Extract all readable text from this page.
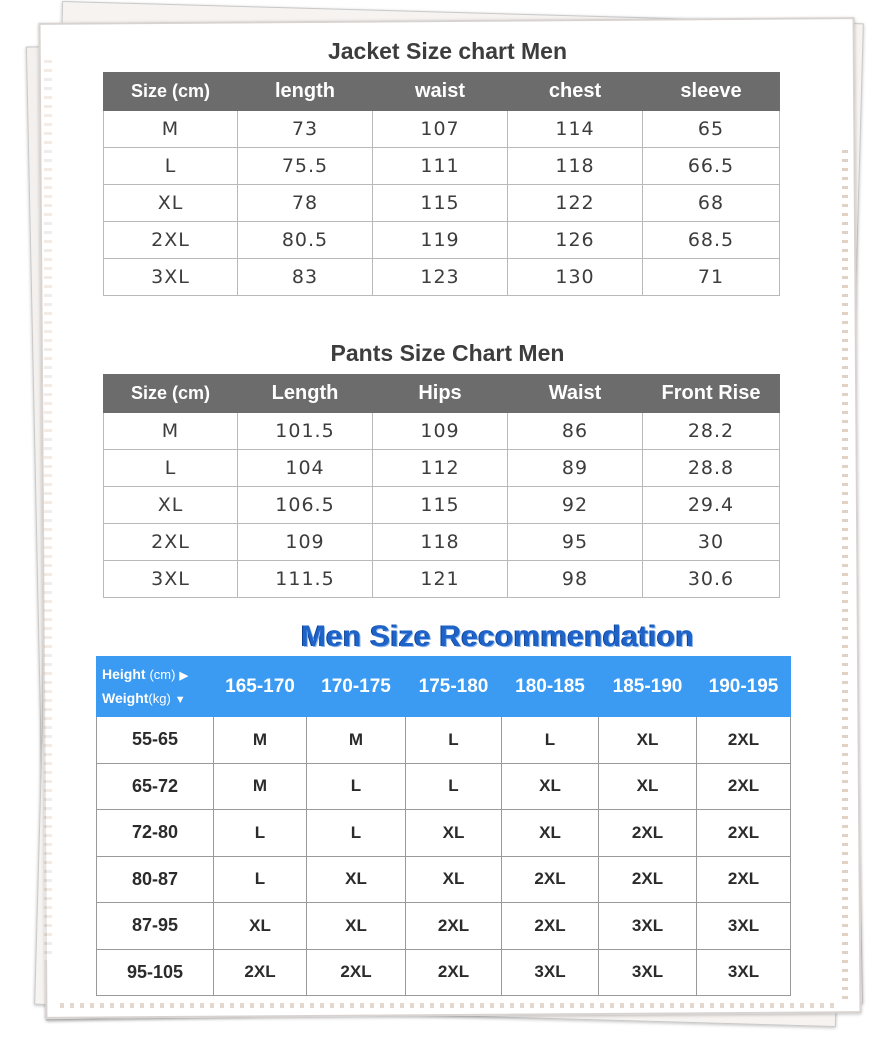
Jacket Size chart Men
Size (cm)	length	waist	chest	sleeve
M	73	107	114	65
L	75.5	111	118	66.5
XL	78	115	122	68
2XL	80.5	119	126	68.5
3XL	83	123	130	71
Pants Size Chart Men
Size (cm)	Length	Hips	Waist	Front Rise
M	101.5	109	86	28.2
L	104	112	89	28.8
XL	106.5	115	92	29.4
2XL	109	118	95	30
3XL	111.5	121	98	30.6
Men Size Recommendation
Height (cm) ▶
Weight(kg) ▼	165-170	170-175	175-180	180-185	185-190	190-195
55-65	M	M	L	L	XL	2XL
65-72	M	L	L	XL	XL	2XL
72-80	L	L	XL	XL	2XL	2XL
80-87	L	XL	XL	2XL	2XL	2XL
87-95	XL	XL	2XL	2XL	3XL	3XL
95-105	2XL	2XL	2XL	3XL	3XL	3XL
